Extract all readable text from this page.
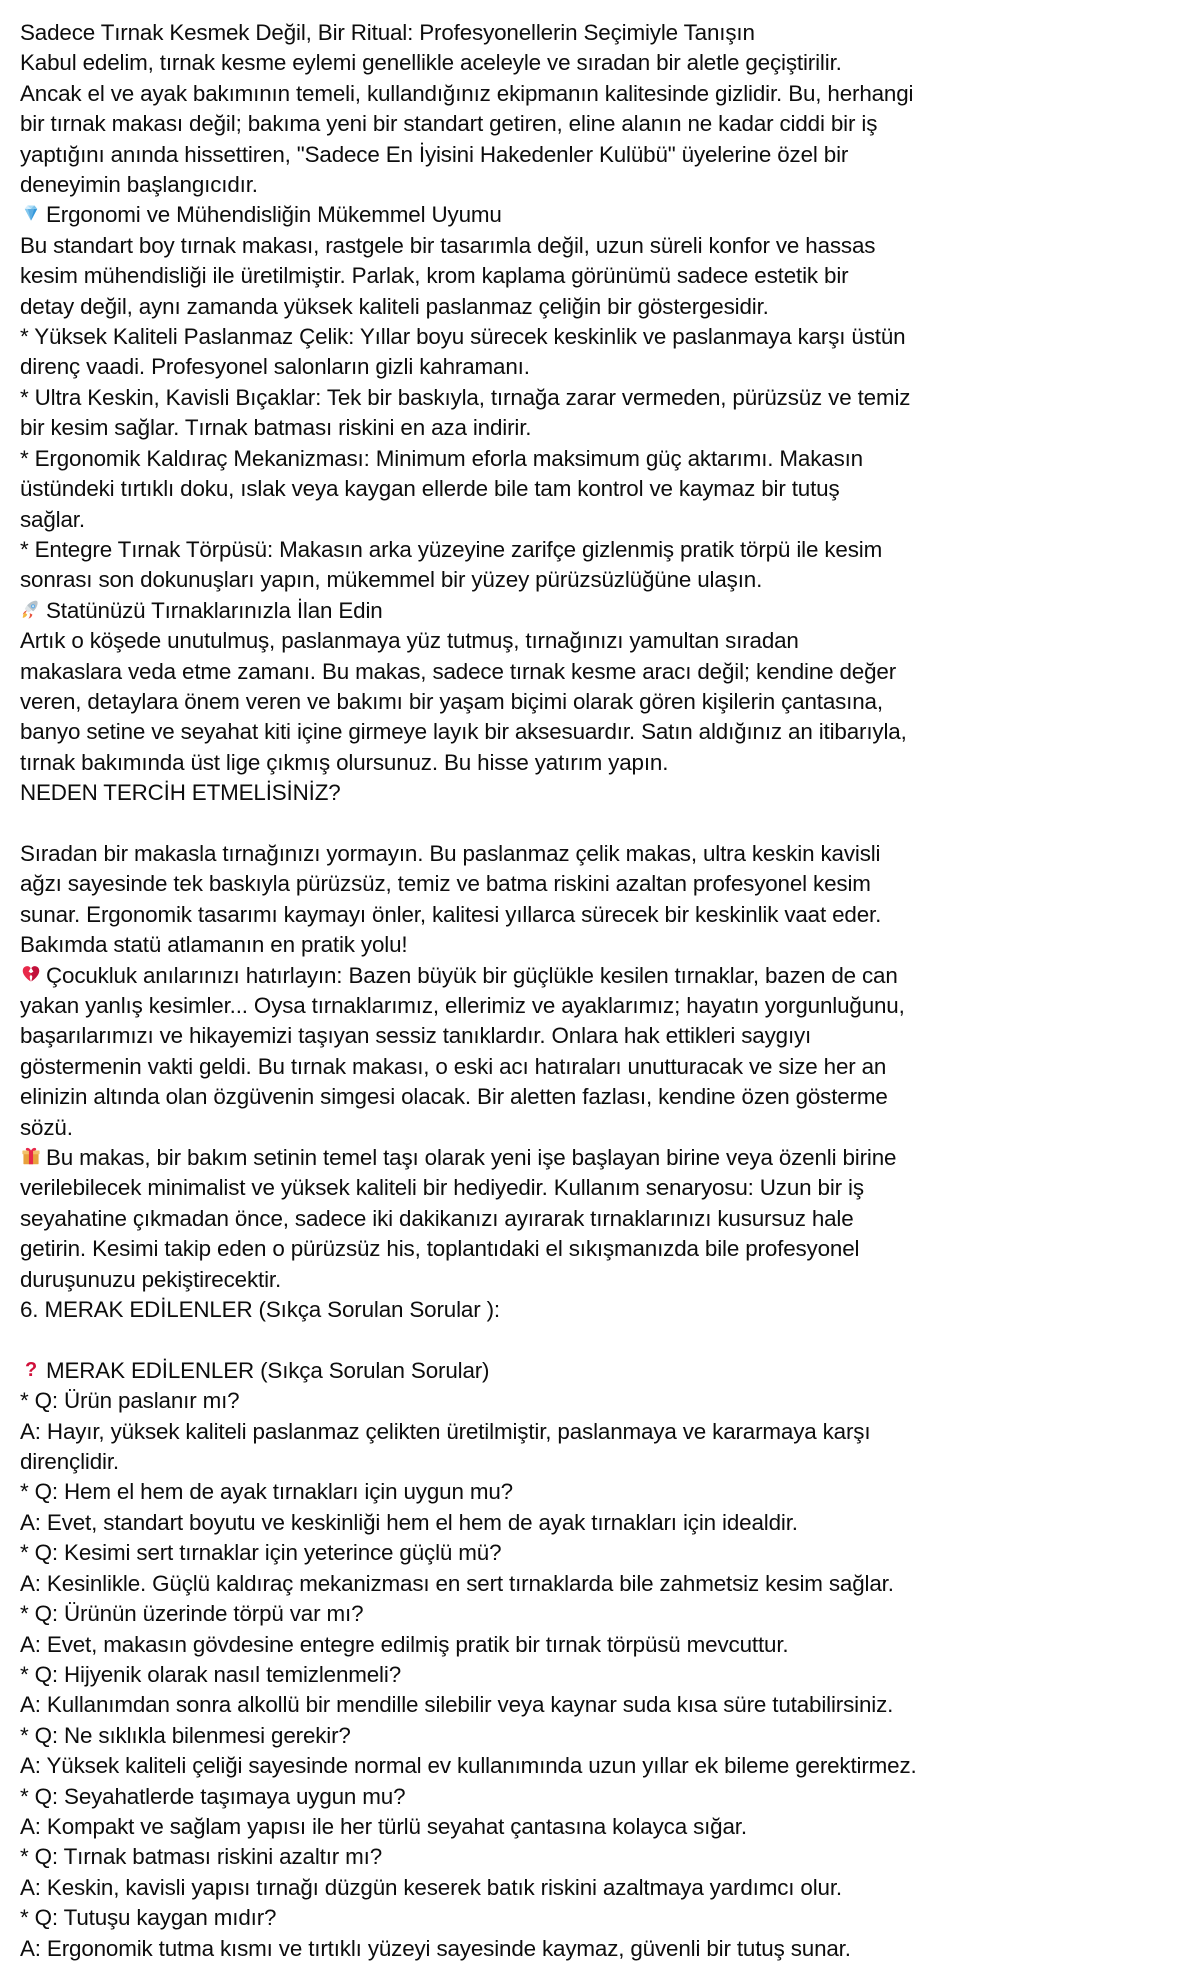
Sadece Tırnak Kesmek Değil, Bir Ritual: Profesyonellerin Seçimiyle Tanışın
Kabul edelim, tırnak kesme eylemi genellikle aceleyle ve sıradan bir aletle geçiştirilir.
Ancak el ve ayak bakımının temeli, kullandığınız ekipmanın kalitesinde gizlidir. Bu, herhangi
bir tırnak makası değil; bakıma yeni bir standart getiren, eline alanın ne kadar ciddi bir iş
yaptığını anında hissettiren, "Sadece En İyisini Hakedenler Kulübü" üyelerine özel bir
deneyimin başlangıcıdır.
Ergonomi ve Mühendisliğin Mükemmel Uyumu
Bu standart boy tırnak makası, rastgele bir tasarımla değil, uzun süreli konfor ve hassas
kesim mühendisliği ile üretilmiştir. Parlak, krom kaplama görünümü sadece estetik bir
detay değil, aynı zamanda yüksek kaliteli paslanmaz çeliğin bir göstergesidir.
* Yüksek Kaliteli Paslanmaz Çelik: Yıllar boyu sürecek keskinlik ve paslanmaya karşı üstün
direnç vaadi. Profesyonel salonların gizli kahramanı.
* Ultra Keskin, Kavisli Bıçaklar: Tek bir baskıyla, tırnağa zarar vermeden, pürüzsüz ve temiz
bir kesim sağlar. Tırnak batması riskini en aza indirir.
* Ergonomik Kaldıraç Mekanizması: Minimum eforla maksimum güç aktarımı. Makasın
üstündeki tırtıklı doku, ıslak veya kaygan ellerde bile tam kontrol ve kaymaz bir tutuş
sağlar.
* Entegre Tırnak Törpüsü: Makasın arka yüzeyine zarifçe gizlenmiş pratik törpü ile kesim
sonrası son dokunuşları yapın, mükemmel bir yüzey pürüzsüzlüğüne ulaşın.
Statünüzü Tırnaklarınızla İlan Edin
Artık o köşede unutulmuş, paslanmaya yüz tutmuş, tırnağınızı yamultan sıradan
makaslara veda etme zamanı. Bu makas, sadece tırnak kesme aracı değil; kendine değer
veren, detaylara önem veren ve bakımı bir yaşam biçimi olarak gören kişilerin çantasına,
banyo setine ve seyahat kiti içine girmeye layık bir aksesuardır. Satın aldığınız an itibarıyla,
tırnak bakımında üst lige çıkmış olursunuz. Bu hisse yatırım yapın.
NEDEN TERCİH ETMELİSİNİZ?
Sıradan bir makasla tırnağınızı yormayın. Bu paslanmaz çelik makas, ultra keskin kavisli
ağzı sayesinde tek baskıyla pürüzsüz, temiz ve batma riskini azaltan profesyonel kesim
sunar. Ergonomik tasarımı kaymayı önler, kalitesi yıllarca sürecek bir keskinlik vaat eder.
Bakımda statü atlamanın en pratik yolu!
Çocukluk anılarınızı hatırlayın: Bazen büyük bir güçlükle kesilen tırnaklar, bazen de can
yakan yanlış kesimler... Oysa tırnaklarımız, ellerimiz ve ayaklarımız; hayatın yorgunluğunu,
başarılarımızı ve hikayemizi taşıyan sessiz tanıklardır. Onlara hak ettikleri saygıyı
göstermenin vakti geldi. Bu tırnak makası, o eski acı hatıraları unutturacak ve size her an
elinizin altında olan özgüvenin simgesi olacak. Bir aletten fazlası, kendine özen gösterme
sözü.
Bu makas, bir bakım setinin temel taşı olarak yeni işe başlayan birine veya özenli birine
verilebilecek minimalist ve yüksek kaliteli bir hediyedir. Kullanım senaryosu: Uzun bir iş
seyahatine çıkmadan önce, sadece iki dakikanızı ayırarak tırnaklarınızı kusursuz hale
getirin. Kesimi takip eden o pürüzsüz his, toplantıdaki el sıkışmanızda bile profesyonel
duruşunuzu pekiştirecektir.
6. MERAK EDİLENLER (Sıkça Sorulan Sorular ):
? MERAK EDİLENLER (Sıkça Sorulan Sorular)
* Q: Ürün paslanır mı?
A: Hayır, yüksek kaliteli paslanmaz çelikten üretilmiştir, paslanmaya ve kararmaya karşı
dirençlidir.
* Q: Hem el hem de ayak tırnakları için uygun mu?
A: Evet, standart boyutu ve keskinliği hem el hem de ayak tırnakları için idealdir.
* Q: Kesimi sert tırnaklar için yeterince güçlü mü?
A: Kesinlikle. Güçlü kaldıraç mekanizması en sert tırnaklarda bile zahmetsiz kesim sağlar.
* Q: Ürünün üzerinde törpü var mı?
A: Evet, makasın gövdesine entegre edilmiş pratik bir tırnak törpüsü mevcuttur.
* Q: Hijyenik olarak nasıl temizlenmeli?
A: Kullanımdan sonra alkollü bir mendille silebilir veya kaynar suda kısa süre tutabilirsiniz.
* Q: Ne sıklıkla bilenmesi gerekir?
A: Yüksek kaliteli çeliği sayesinde normal ev kullanımında uzun yıllar ek bileme gerektirmez.
* Q: Seyahatlerde taşımaya uygun mu?
A: Kompakt ve sağlam yapısı ile her türlü seyahat çantasına kolayca sığar.
* Q: Tırnak batması riskini azaltır mı?
A: Keskin, kavisli yapısı tırnağı düzgün keserek batık riskini azaltmaya yardımcı olur.
* Q: Tutuşu kaygan mıdır?
A: Ergonomik tutma kısmı ve tırtıklı yüzeyi sayesinde kaymaz, güvenli bir tutuş sunar.
